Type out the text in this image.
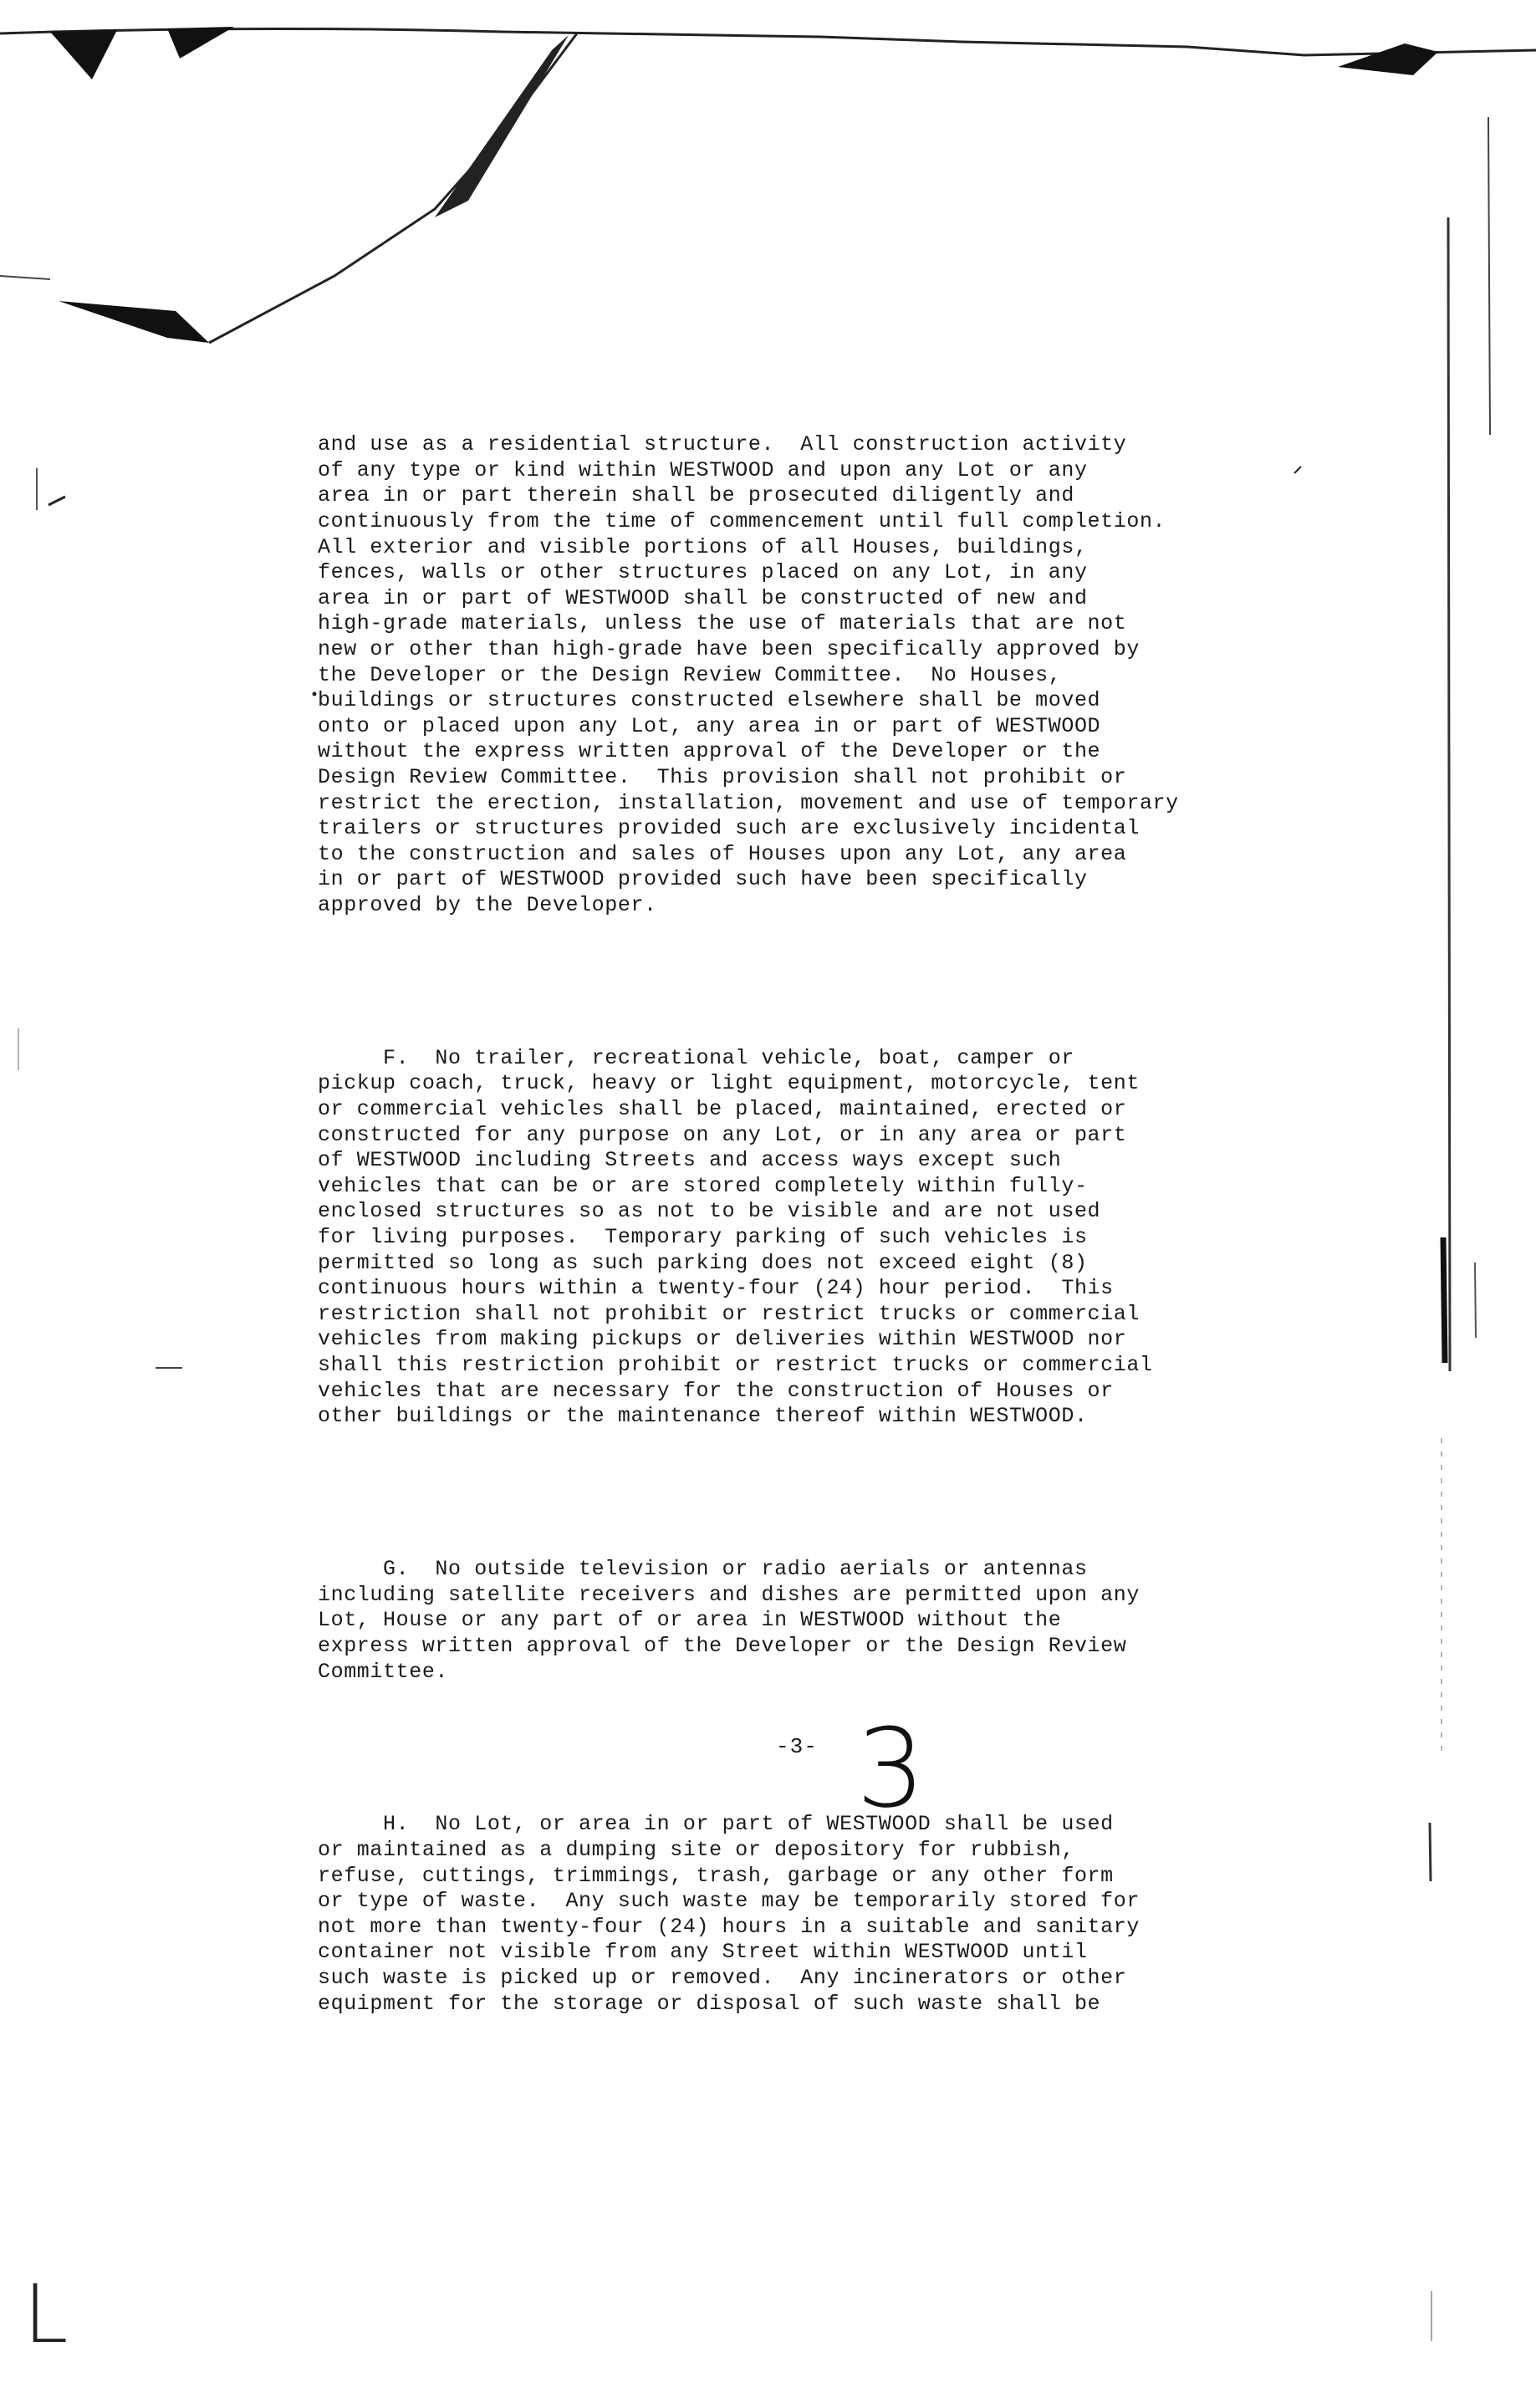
and use as a residential structure.  All construction activity
of any type or kind within WESTWOOD and upon any Lot or any
area in or part therein shall be prosecuted diligently and
continuously from the time of commencement until full completion.
All exterior and visible portions of all Houses, buildings,
fences, walls or other structures placed on any Lot, in any
area in or part of WESTWOOD shall be constructed of new and
high-grade materials, unless the use of materials that are not
new or other than high-grade have been specifically approved by
the Developer or the Design Review Committee.  No Houses,
buildings or structures constructed elsewhere shall be moved
onto or placed upon any Lot, any area in or part of WESTWOOD
without the express written approval of the Developer or the
Design Review Committee.  This provision shall not prohibit or
restrict the erection, installation, movement and use of temporary
trailers or structures provided such are exclusively incidental
to the construction and sales of Houses upon any Lot, any area
in or part of WESTWOOD provided such have been specifically
approved by the Developer.

F.  No trailer, recreational vehicle, boat, camper or
pickup coach, truck, heavy or light equipment, motorcycle, tent
or commercial vehicles shall be placed, maintained, erected or
constructed for any purpose on any Lot, or in any area or part
of WESTWOOD including Streets and access ways except such
vehicles that can be or are stored completely within fully-
enclosed structures so as not to be visible and are not used
for living purposes.  Temporary parking of such vehicles is
permitted so long as such parking does not exceed eight (8)
continuous hours within a twenty-four (24) hour period.  This
restriction shall not prohibit or restrict trucks or commercial
vehicles from making pickups or deliveries within WESTWOOD nor
shall this restriction prohibit or restrict trucks or commercial
vehicles that are necessary for the construction of Houses or
other buildings or the maintenance thereof within WESTWOOD.

G.  No outside television or radio aerials or antennas
including satellite receivers and dishes are permitted upon any
Lot, House or any part of or area in WESTWOOD without the
express written approval of the Developer or the Design Review
Committee.

H.  No Lot, or area in or part of WESTWOOD shall be used
or maintained as a dumping site or depository for rubbish,
refuse, cuttings, trimmings, trash, garbage or any other form
or type of waste.  Any such waste may be temporarily stored for
not more than twenty-four (24) hours in a suitable and sanitary
container not visible from any Street within WESTWOOD until
such waste is picked up or removed.  Any incinerators or other
equipment for the storage or disposal of such waste shall be

-3- 3
L
